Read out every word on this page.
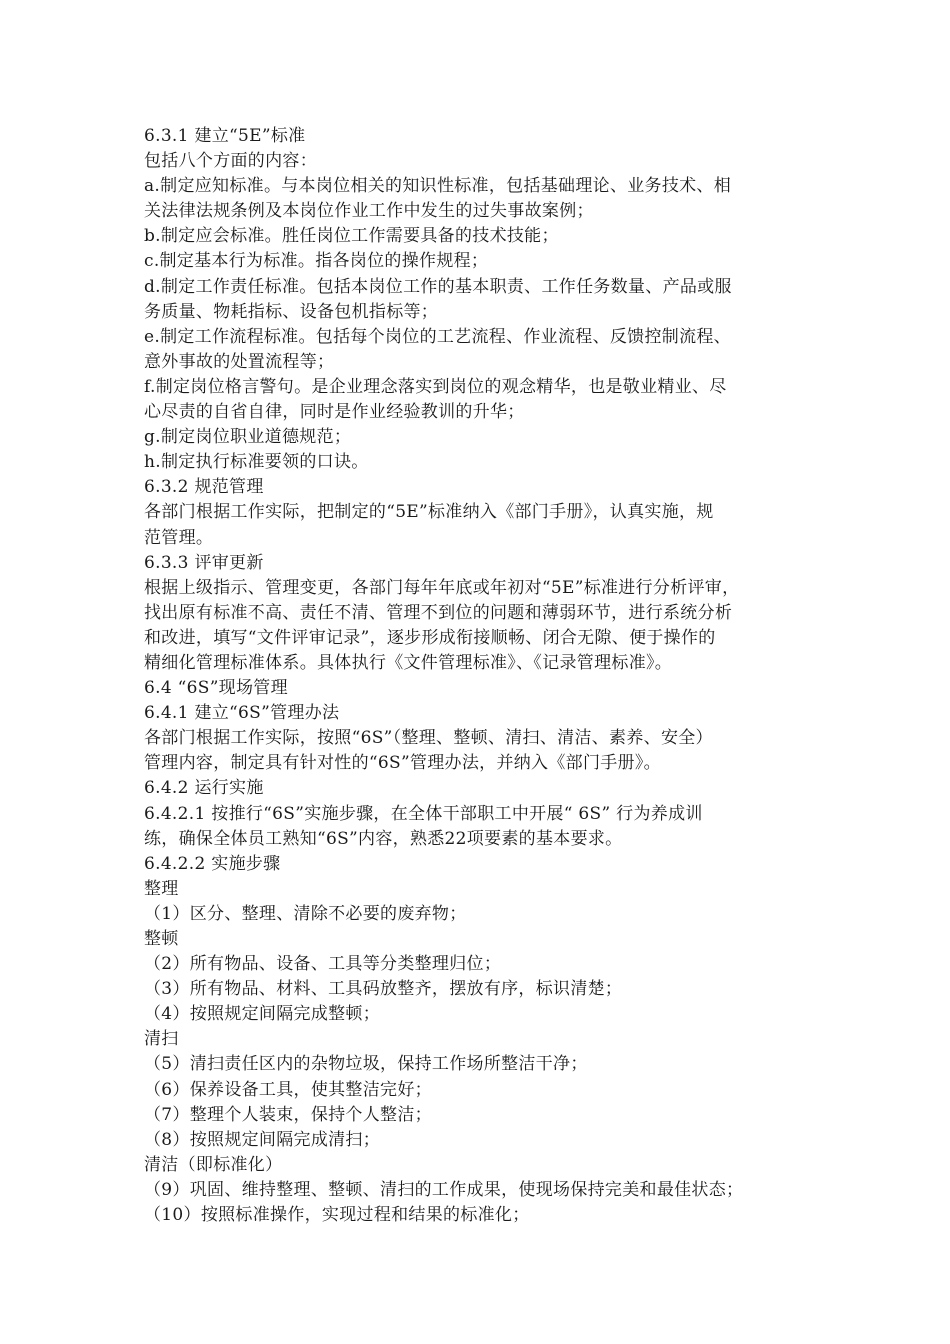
6.3.1 建立“5E”标准
包括八个方面的内容：
a.制定应知标准。与本岗位相关的知识性标准，包括基础理论、业务技术、相
关法律法规条例及本岗位作业工作中发生的过失事故案例；
b.制定应会标准。胜任岗位工作需要具备的技术技能；
c.制定基本行为标准。指各岗位的操作规程；
d.制定工作责任标准。包括本岗位工作的基本职责、工作任务数量、产品或服
务质量、物耗指标、设备包机指标等；
e.制定工作流程标准。包括每个岗位的工艺流程、作业流程、反馈控制流程、
意外事故的处置流程等；
f.制定岗位格言警句。是企业理念落实到岗位的观念精华，也是敬业精业、尽
心尽责的自省自律，同时是作业经验教训的升华；
g.制定岗位职业道德规范；
h.制定执行标准要领的口诀。
6.3.2 规范管理
各部门根据工作实际，把制定的“5E”标准纳入《部门手册》，认真实施，规
范管理。
6.3.3 评审更新
根据上级指示、管理变更，各部门每年年底或年初对“5E”标准进行分析评审，
找出原有标准不高、责任不清、管理不到位的问题和薄弱环节，进行系统分析
和改进，填写“文件评审记录”，逐步形成衔接顺畅、闭合无隙、便于操作的
精细化管理标准体系。具体执行《文件管理标准》、《记录管理标准》。
6.4 “6S”现场管理
6.4.1 建立“6S”管理办法
各部门根据工作实际，按照“6S”（整理、整顿、清扫、清洁、素养、安全）
管理内容，制定具有针对性的“6S”管理办法，并纳入《部门手册》。
6.4.2 运行实施
6.4.2.1 按推行“6S”实施步骤，在全体干部职工中开展“ 6S” 行为养成训
练，确保全体员工熟知“6S”内容，熟悉22项要素的基本要求。
6.4.2.2 实施步骤
整理
（1）区分、整理、清除不必要的废弃物；
整顿
（2）所有物品、设备、工具等分类整理归位；
（3）所有物品、材料、工具码放整齐，摆放有序，标识清楚；
（4）按照规定间隔完成整顿；
清扫
（5）清扫责任区内的杂物垃圾，保持工作场所整洁干净；
（6）保养设备工具，使其整洁完好；
（7）整理个人装束，保持个人整洁；
（8）按照规定间隔完成清扫；
清洁（即标准化）
（9）巩固、维持整理、整顿、清扫的工作成果，使现场保持完美和最佳状态；
（10）按照标准操作，实现过程和结果的标准化；
